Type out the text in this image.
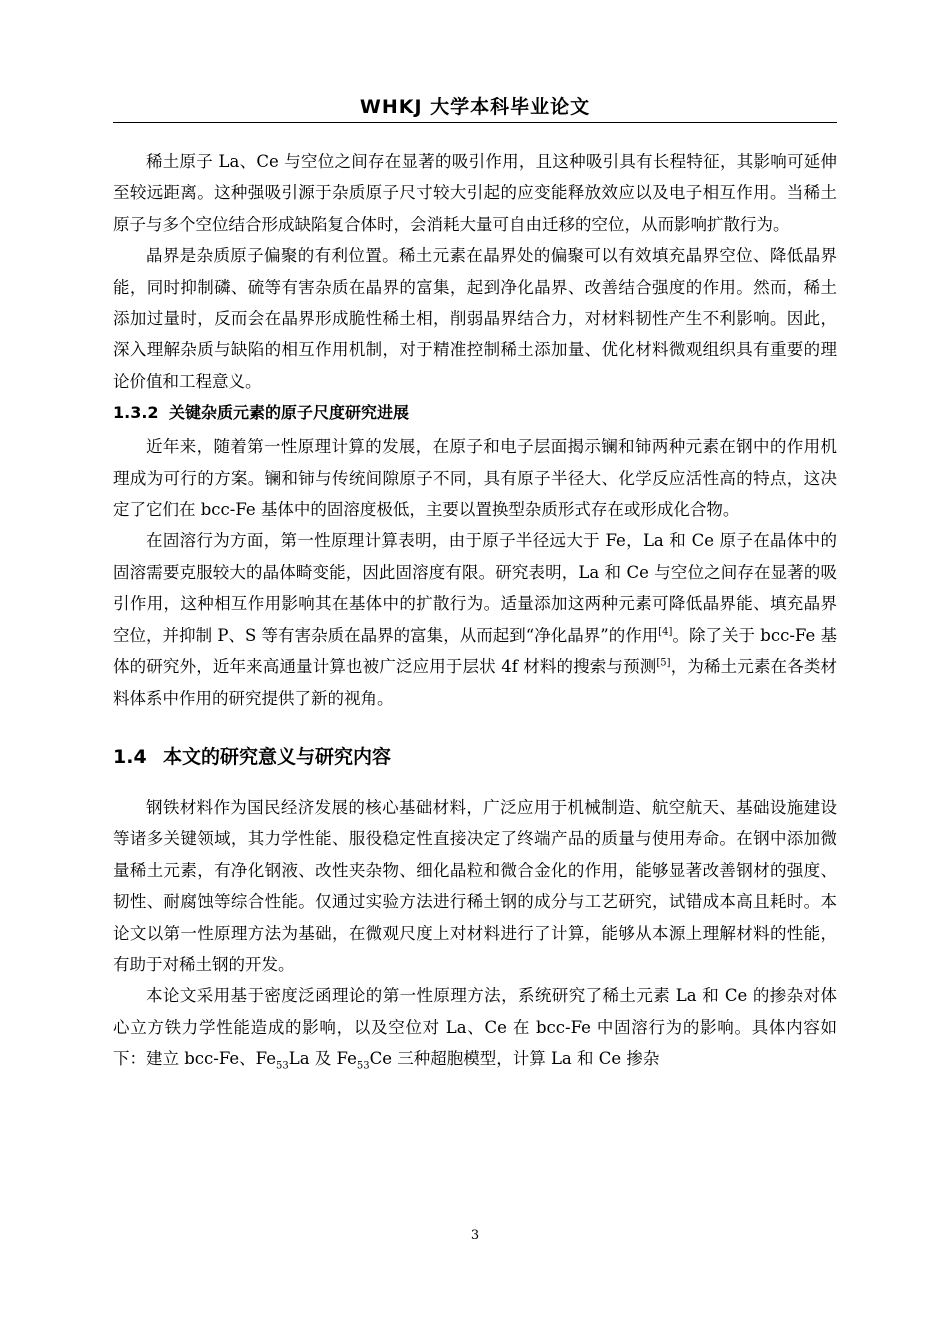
WHKJ 大学本科毕业论文

稀土原子 La、Ce 与空位之间存在显著的吸引作用，且这种吸引具有长程特征，其影响可延伸至较远距离。这种强吸引源于杂质原子尺寸较大引起的应变能释放效应以及电子相互作用。当稀土原子与多个空位结合形成缺陷复合体时，会消耗大量可自由迁移的空位，从而影响扩散行为。

晶界是杂质原子偏聚的有利位置。稀土元素在晶界处的偏聚可以有效填充晶界空位、降低晶界能，同时抑制磷、硫等有害杂质在晶界的富集，起到净化晶界、改善结合强度的作用。然而，稀土添加过量时，反而会在晶界形成脆性稀土相，削弱晶界结合力，对材料韧性产生不利影响。因此，深入理解杂质与缺陷的相互作用机制，对于精准控制稀土添加量、优化材料微观组织具有重要的理论价值和工程意义。

1.3.2 关键杂质元素的原子尺度研究进展

近年来，随着第一性原理计算的发展，在原子和电子层面揭示镧和铈两种元素在钢中的作用机理成为可行的方案。镧和铈与传统间隙原子不同，具有原子半径大、化学反应活性高的特点，这决定了它们在 bcc-Fe 基体中的固溶度极低，主要以置换型杂质形式存在或形成化合物。

在固溶行为方面，第一性原理计算表明，由于原子半径远大于 Fe，La 和 Ce 原子在晶体中的固溶需要克服较大的晶体畸变能，因此固溶度有限。研究表明，La 和 Ce 与空位之间存在显著的吸引作用，这种相互作用影响其在基体中的扩散行为。适量添加这两种元素可降低晶界能、填充晶界空位，并抑制 P、S 等有害杂质在晶界的富集，从而起到“净化晶界”的作用[4]。除了关于 bcc-Fe 基体的研究外，近年来高通量计算也被广泛应用于层状 4f 材料的搜索与预测[5]，为稀土元素在各类材料体系中作用的研究提供了新的视角。

1.4 本文的研究意义与研究内容

钢铁材料作为国民经济发展的核心基础材料，广泛应用于机械制造、航空航天、基础设施建设等诸多关键领域，其力学性能、服役稳定性直接决定了终端产品的质量与使用寿命。在钢中添加微量稀土元素，有净化钢液、改性夹杂物、细化晶粒和微合金化的作用，能够显著改善钢材的强度、韧性、耐腐蚀等综合性能。仅通过实验方法进行稀土钢的成分与工艺研究，试错成本高且耗时。本论文以第一性原理方法为基础，在微观尺度上对材料进行了计算，能够从本源上理解材料的性能，有助于对稀土钢的开发。

本论文采用基于密度泛函理论的第一性原理方法，系统研究了稀土元素 La 和 Ce 的掺杂对体心立方铁力学性能造成的影响，以及空位对 La、Ce 在 bcc-Fe 中固溶行为的影响。具体内容如下：建立 bcc-Fe、$Fe_{53}La$ 及 $Fe_{53}Ce$ 三种超胞模型，计算 La 和 Ce 掺杂

3
